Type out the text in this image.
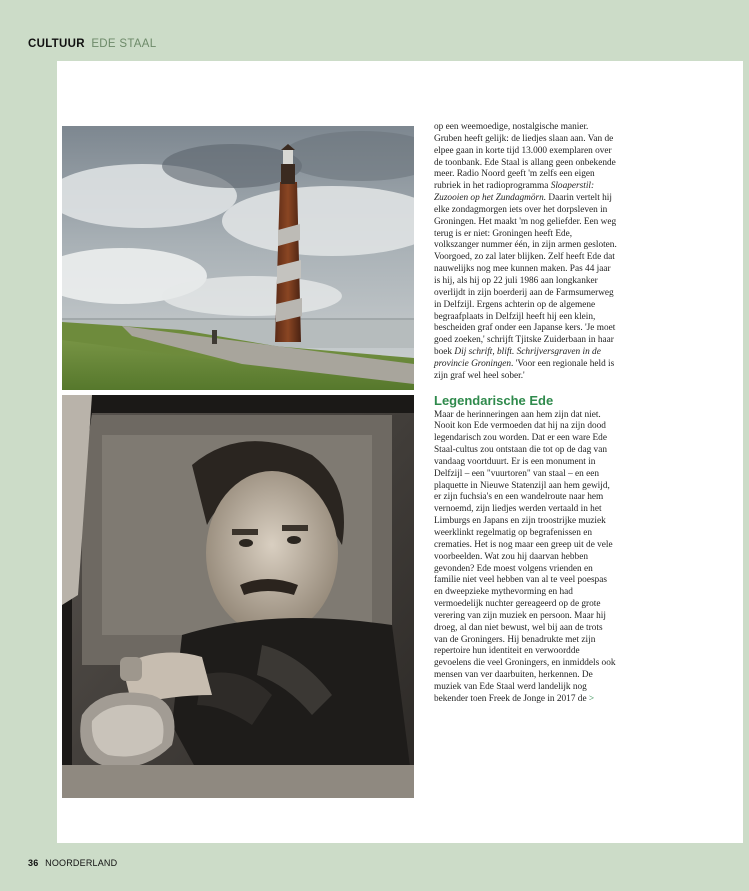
CULTUUR EDE STAAL

op een weemoedige, nostalgische manier. Gruben heeft gelijk: de liedjes slaan aan. Van de elpee gaan in korte tijd 13.000 exemplaren over de toonbank. Ede Staal is allang geen onbekende meer. Radio Noord geeft 'm zelfs een eigen rubriek in het radioprogramma Sloaperstil: Zuzooien op het Zundagmörn. Daarin vertelt hij elke zondagmorgen iets over het dorpsleven in Groningen. Het maakt 'm nog geliefder. Een weg terug is er niet: Groningen heeft Ede, volkszanger nummer één, in zijn armen gesloten. Voorgoed, zo zal later blijken. Zelf heeft Ede dat nauwelijks nog mee kunnen maken. Pas 44 jaar is hij, als hij op 22 juli 1986 aan longkanker overlijdt in zijn boerderij aan de Farmsumerweg in Delfzijl. Ergens achterin op de algemene begraafplaats in Delfzijl heeft hij een klein, bescheiden graf onder een Japanse kers. 'Je moet goed zoeken,' schrijft Tjitske Zuiderbaan in haar boek Dij schrift, blift. Schrijversgraven in de provincie Groningen. 'Voor een regionale held is zijn graf wel heel sober.'

Legendarische Ede

Maar de herinneringen aan hem zijn dat niet. Nooit kon Ede vermoeden dat hij na zijn dood legendarisch zou worden. Dat er een ware Ede Staal-cultus zou ontstaan die tot op de dag van vandaag voortduurt. Er is een monument in Delfzijl – een "vuurtoren" van staal – en een plaquette in Nieuwe Statenzijl aan hem gewijd, er zijn fuchsia's en een wandelroute naar hem vernoemd, zijn liedjes werden vertaald in het Limburgs en Japans en zijn troostrijke muziek weerklinkt regelmatig op begrafenissen en crematies. Het is nog maar een greep uit de vele voorbeelden. Wat zou hij daarvan hebben gevonden? Ede moest volgens vrienden en familie niet veel hebben van al te veel poespas en dweepzieke mythevorming en had vermoedelijk nuchter gereageerd op de grote verering van zijn muziek en persoon. Maar hij droeg, al dan niet bewust, wel bij aan de trots van de Groningers. Hij benadrukte met zijn repertoire hun identiteit en verwoordde gevoelens die veel Groningers, en inmiddels ook mensen van ver daarbuiten, herkennen. De muziek van Ede Staal werd landelijk nog bekender toen Freek de Jonge in 2017 de >

36 NOORDERLAND
